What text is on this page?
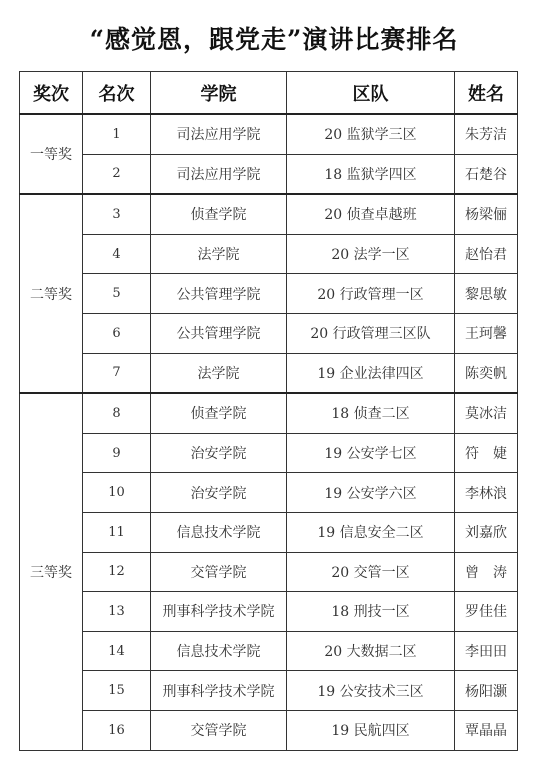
“感觉恩，跟党走”演讲比赛排名
奖次	名次	学院	区队	姓名
一等奖	1	司法应用学院	20 监狱学三区	朱芳洁
	2	司法应用学院	18 监狱学四区	石楚谷
二等奖	3	侦查学院	20 侦查卓越班	杨梁俪
	4	法学院	20 法学一区	赵怡君
	5	公共管理学院	20 行政管理一区	黎思敏
	6	公共管理学院	20 行政管理三区队	王珂馨
	7	法学院	19 企业法律四区	陈奕帆
三等奖	8	侦查学院	18 侦查二区	莫冰洁
	9	治安学院	19 公安学七区	符　婕
	10	治安学院	19 公安学六区	李林浪
	11	信息技术学院	19 信息安全二区	刘嘉欣
	12	交管学院	20 交管一区	曾　涛
	13	刑事科学技术学院	18 刑技一区	罗佳佳
	14	信息技术学院	20 大数据二区	李田田
	15	刑事科学技术学院	19 公安技术三区	杨阳灏
	16	交管学院	19 民航四区	覃晶晶
